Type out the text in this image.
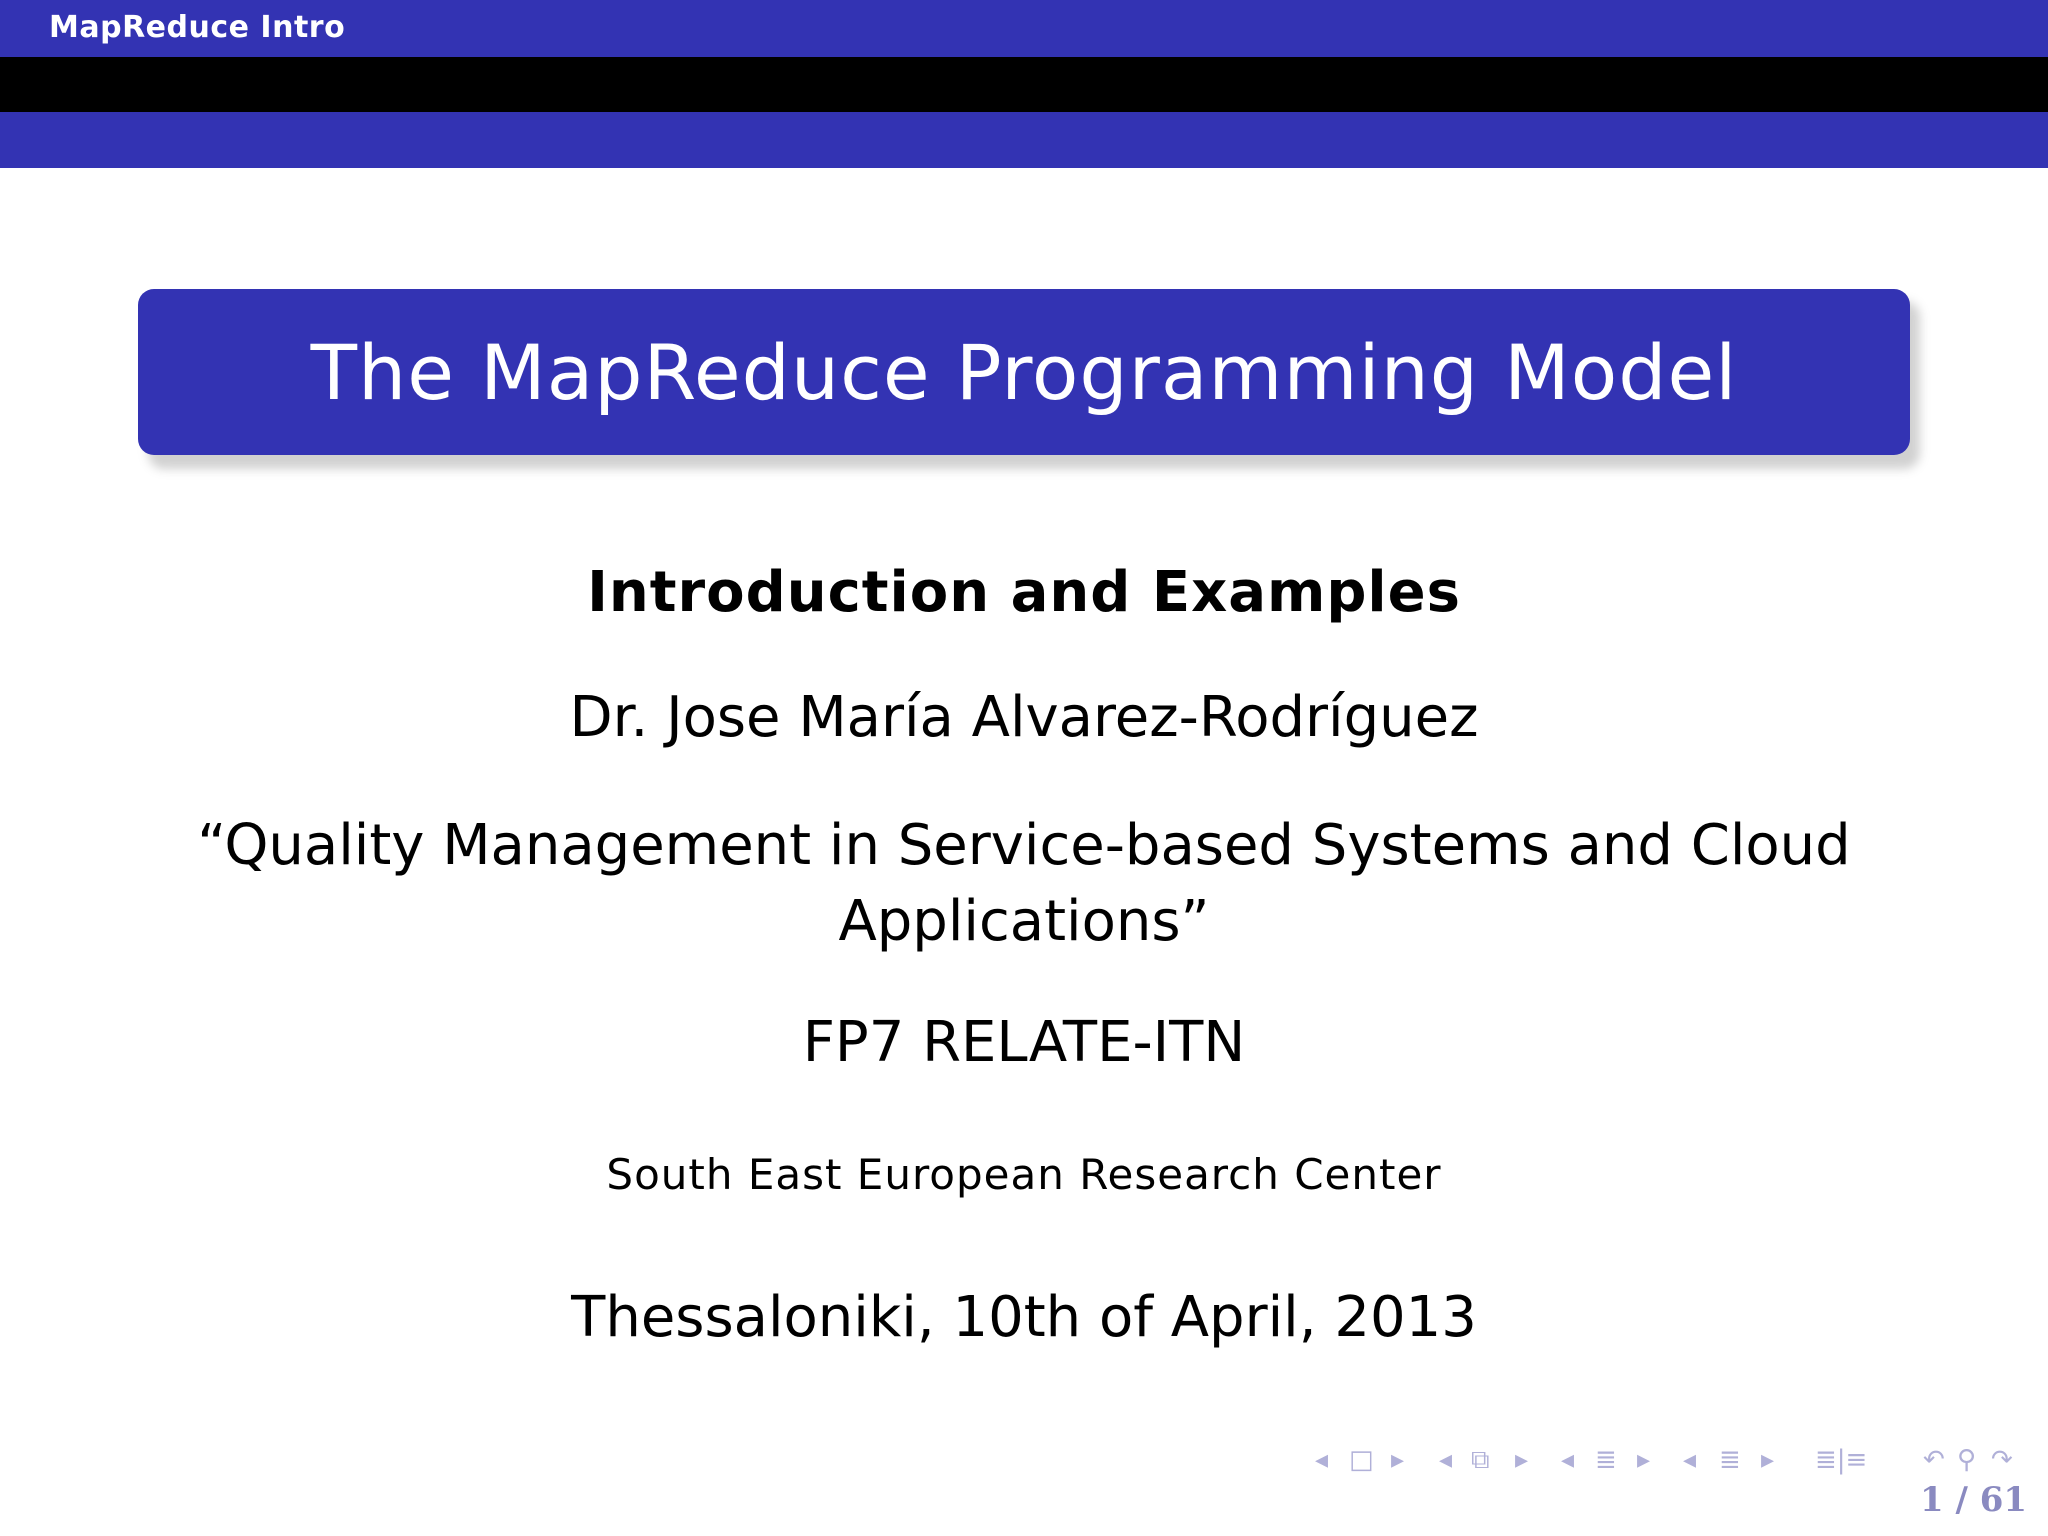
MapReduce Intro
The MapReduce Programming Model
Introduction and Examples
Dr. Jose María Alvarez-Rodríguez
“Quality Management in Service-based Systems and Cloud
Applications”
FP7 RELATE-ITN
South East European Research Center
Thessaloniki, 10th of April, 2013
◂ □ ▸ ◂ ⧉ ▸ ◂ ≣ ▸ ◂ ≣ ▸ ≣|≡ ↶ ⚲ ↷
1 / 61
